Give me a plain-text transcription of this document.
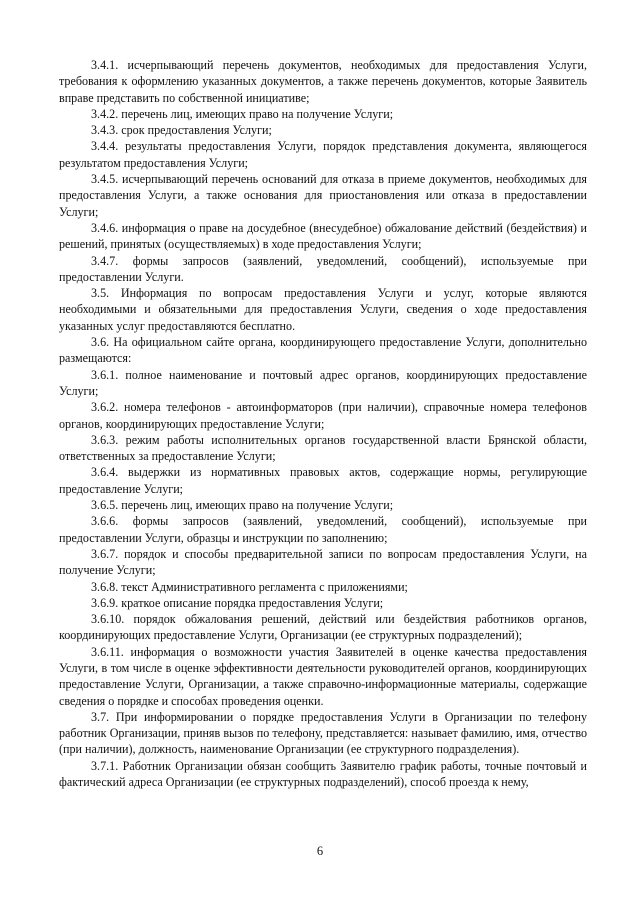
3.4.1. исчерпывающий перечень документов, необходимых для предоставления Услуги, требования к оформлению указанных документов, а также перечень документов, которые Заявитель вправе представить по собственной инициативе;

3.4.2. перечень лиц, имеющих право на получение Услуги;

3.4.3. срок предоставления Услуги;

3.4.4. результаты предоставления Услуги, порядок представления документа, являющегося результатом предоставления Услуги;

3.4.5. исчерпывающий перечень оснований для отказа в приеме документов, необходимых для предоставления Услуги, а также основания для приостановления или отказа в предоставлении Услуги;

3.4.6. информация о праве на досудебное (внесудебное) обжалование действий (бездействия) и решений, принятых (осуществляемых) в ходе предоставления Услуги;

3.4.7. формы запросов (заявлений, уведомлений, сообщений), используемые при предоставлении Услуги.

3.5. Информация по вопросам предоставления Услуги и услуг, которые являются необходимыми и обязательными для предоставления Услуги, сведения о ходе предоставления указанных услуг предоставляются бесплатно.

3.6. На официальном сайте органа, координирующего предоставление Услуги, дополнительно размещаются:

3.6.1. полное наименование и почтовый адрес органов, координирующих предоставление Услуги;

3.6.2. номера телефонов - автоинформаторов (при наличии), справочные номера телефонов органов, координирующих предоставление Услуги;

3.6.3. режим работы исполнительных органов государственной власти Брянской области, ответственных за предоставление Услуги;

3.6.4. выдержки из нормативных правовых актов, содержащие нормы, регулирующие предоставление Услуги;

3.6.5. перечень лиц, имеющих право на получение Услуги;

3.6.6. формы запросов (заявлений, уведомлений, сообщений), используемые при предоставлении Услуги, образцы и инструкции по заполнению;

3.6.7. порядок и способы предварительной записи по вопросам предоставления Услуги, на получение Услуги;

3.6.8. текст Административного регламента с приложениями;

3.6.9. краткое описание порядка предоставления Услуги;

3.6.10. порядок обжалования решений, действий или бездействия работников органов, координирующих предоставление Услуги, Организации (ее структурных подразделений);

3.6.11. информация о возможности участия Заявителей в оценке качества предоставления Услуги, в том числе в оценке эффективности деятельности руководителей органов, координирующих предоставление Услуги, Организации, а также справочно-информационные материалы, содержащие сведения о порядке и способах проведения оценки.

3.7. При информировании о порядке предоставления Услуги в Организации по телефону работник Организации, приняв вызов по телефону, представляется: называет фамилию, имя, отчество (при наличии), должность, наименование Организации (ее структурного подразделения).

3.7.1. Работник Организации обязан сообщить Заявителю график работы, точные почтовый и фактический адреса Организации (ее структурных подразделений), способ проезда к нему,

6
